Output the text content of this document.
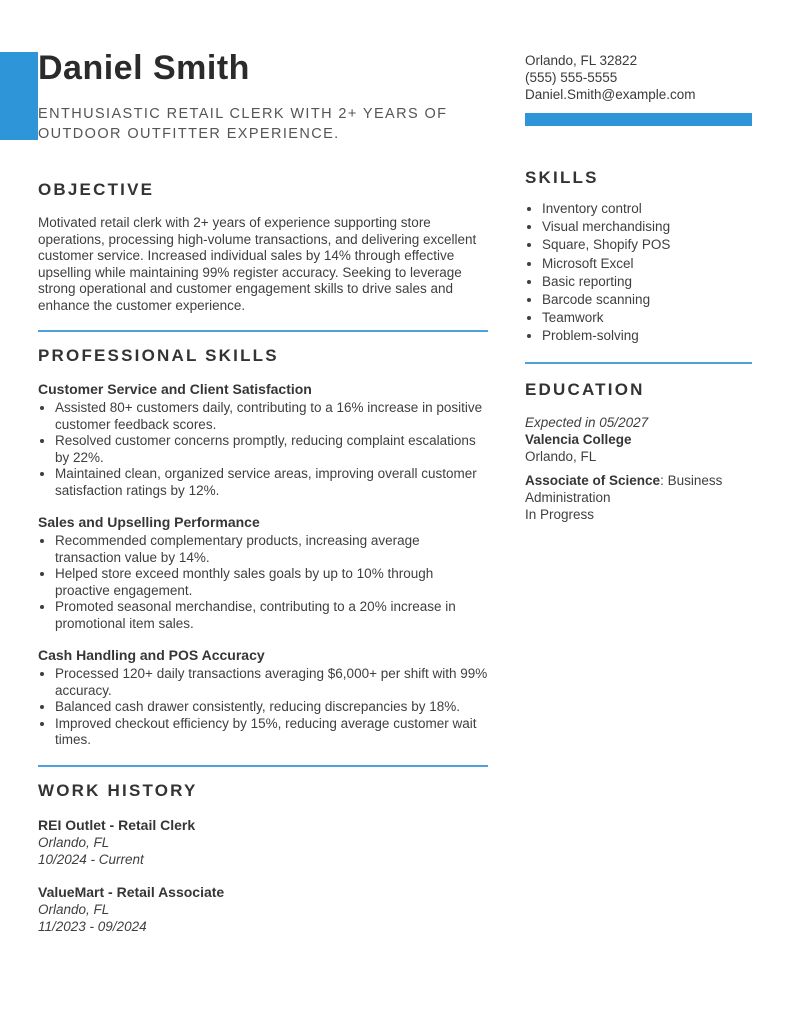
Daniel Smith
ENTHUSIASTIC RETAIL CLERK WITH 2+ YEARS OF OUTDOOR OUTFITTER EXPERIENCE.
OBJECTIVE

Motivated retail clerk with 2+ years of experience supporting store operations, processing high-volume transactions, and delivering excellent customer service. Increased individual sales by 14% through effective upselling while maintaining 99% register accuracy. Seeking to leverage strong operational and customer engagement skills to drive sales and enhance the customer experience.

PROFESSIONAL SKILLS
Customer Service and Client Satisfaction
• Assisted 80+ customers daily, contributing to a 16% increase in positive customer feedback scores.
• Resolved customer concerns promptly, reducing complaint escalations by 22%.
• Maintained clean, organized service areas, improving overall customer satisfaction ratings by 12%.
Sales and Upselling Performance
• Recommended complementary products, increasing average transaction value by 14%.
• Helped store exceed monthly sales goals by up to 10% through proactive engagement.
• Promoted seasonal merchandise, contributing to a 20% increase in promotional item sales.
Cash Handling and POS Accuracy
• Processed 120+ daily transactions averaging $6,000+ per shift with 99% accuracy.
• Balanced cash drawer consistently, reducing discrepancies by 18%.
• Improved checkout efficiency by 15%, reducing average customer wait times.
WORK HISTORY
REI Outlet - Retail Clerk
Orlando, FL
10/2024 - Current
ValueMart - Retail Associate
Orlando, FL
11/2023 - 09/2024
Orlando, FL 32822
(555) 555-5555
Daniel.Smith@example.com
SKILLS
• Inventory control
• Visual merchandising
• Square, Shopify POS
• Microsoft Excel
• Basic reporting
• Barcode scanning
• Teamwork
• Problem-solving
EDUCATION
Expected in 05/2027
Valencia College
Orlando, FL

Associate of Science: Business Administration

In Progress
